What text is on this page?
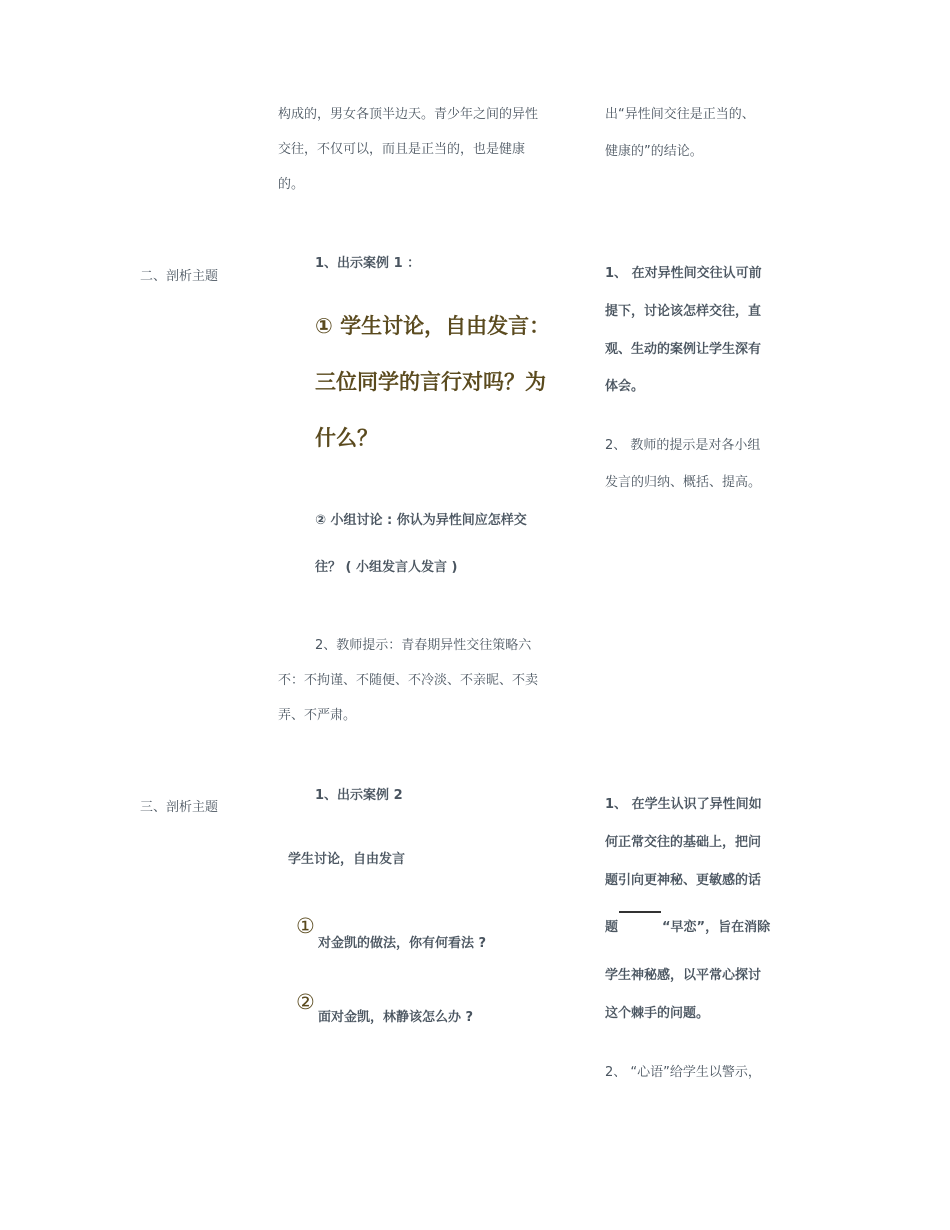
构成的，男女各顶半边天。青少年之间的异性

交往，不仅可以，而且是正当的，也是健康

的。

出“异性间交往是正当的、

健康的”的结论。

二、剖析主题

1、出示案例 1 ：

① 学生讨论，自由发言：

三位同学的言行对吗？为

什么？

② 小组讨论 : 你认为异性间应怎样交

往？ ( 小组发言人发言 )

2、教师提示：青春期异性交往策略六

不：不拘谨、不随便、不冷淡、不亲昵、不卖

弄、不严肃。

1、 在对异性间交往认可前

提下，讨论该怎样交往，直

观、生动的案例让学生深有

体会。

2、 教师的提示是对各小组

发言的归纳、概括、提高。

三、剖析主题

1、出示案例 2

学生讨论，自由发言

①

对金凯的做法，你有何看法 ?

②

面对金凯，林静该怎么办 ?

1、 在学生认识了异性间如

何正常交往的基础上，把问

题引向更神秘、更敏感的话

题	“早恋”，旨在消除

学生神秘感，以平常心探讨

这个棘手的问题。

2、 “心语”给学生以警示，
